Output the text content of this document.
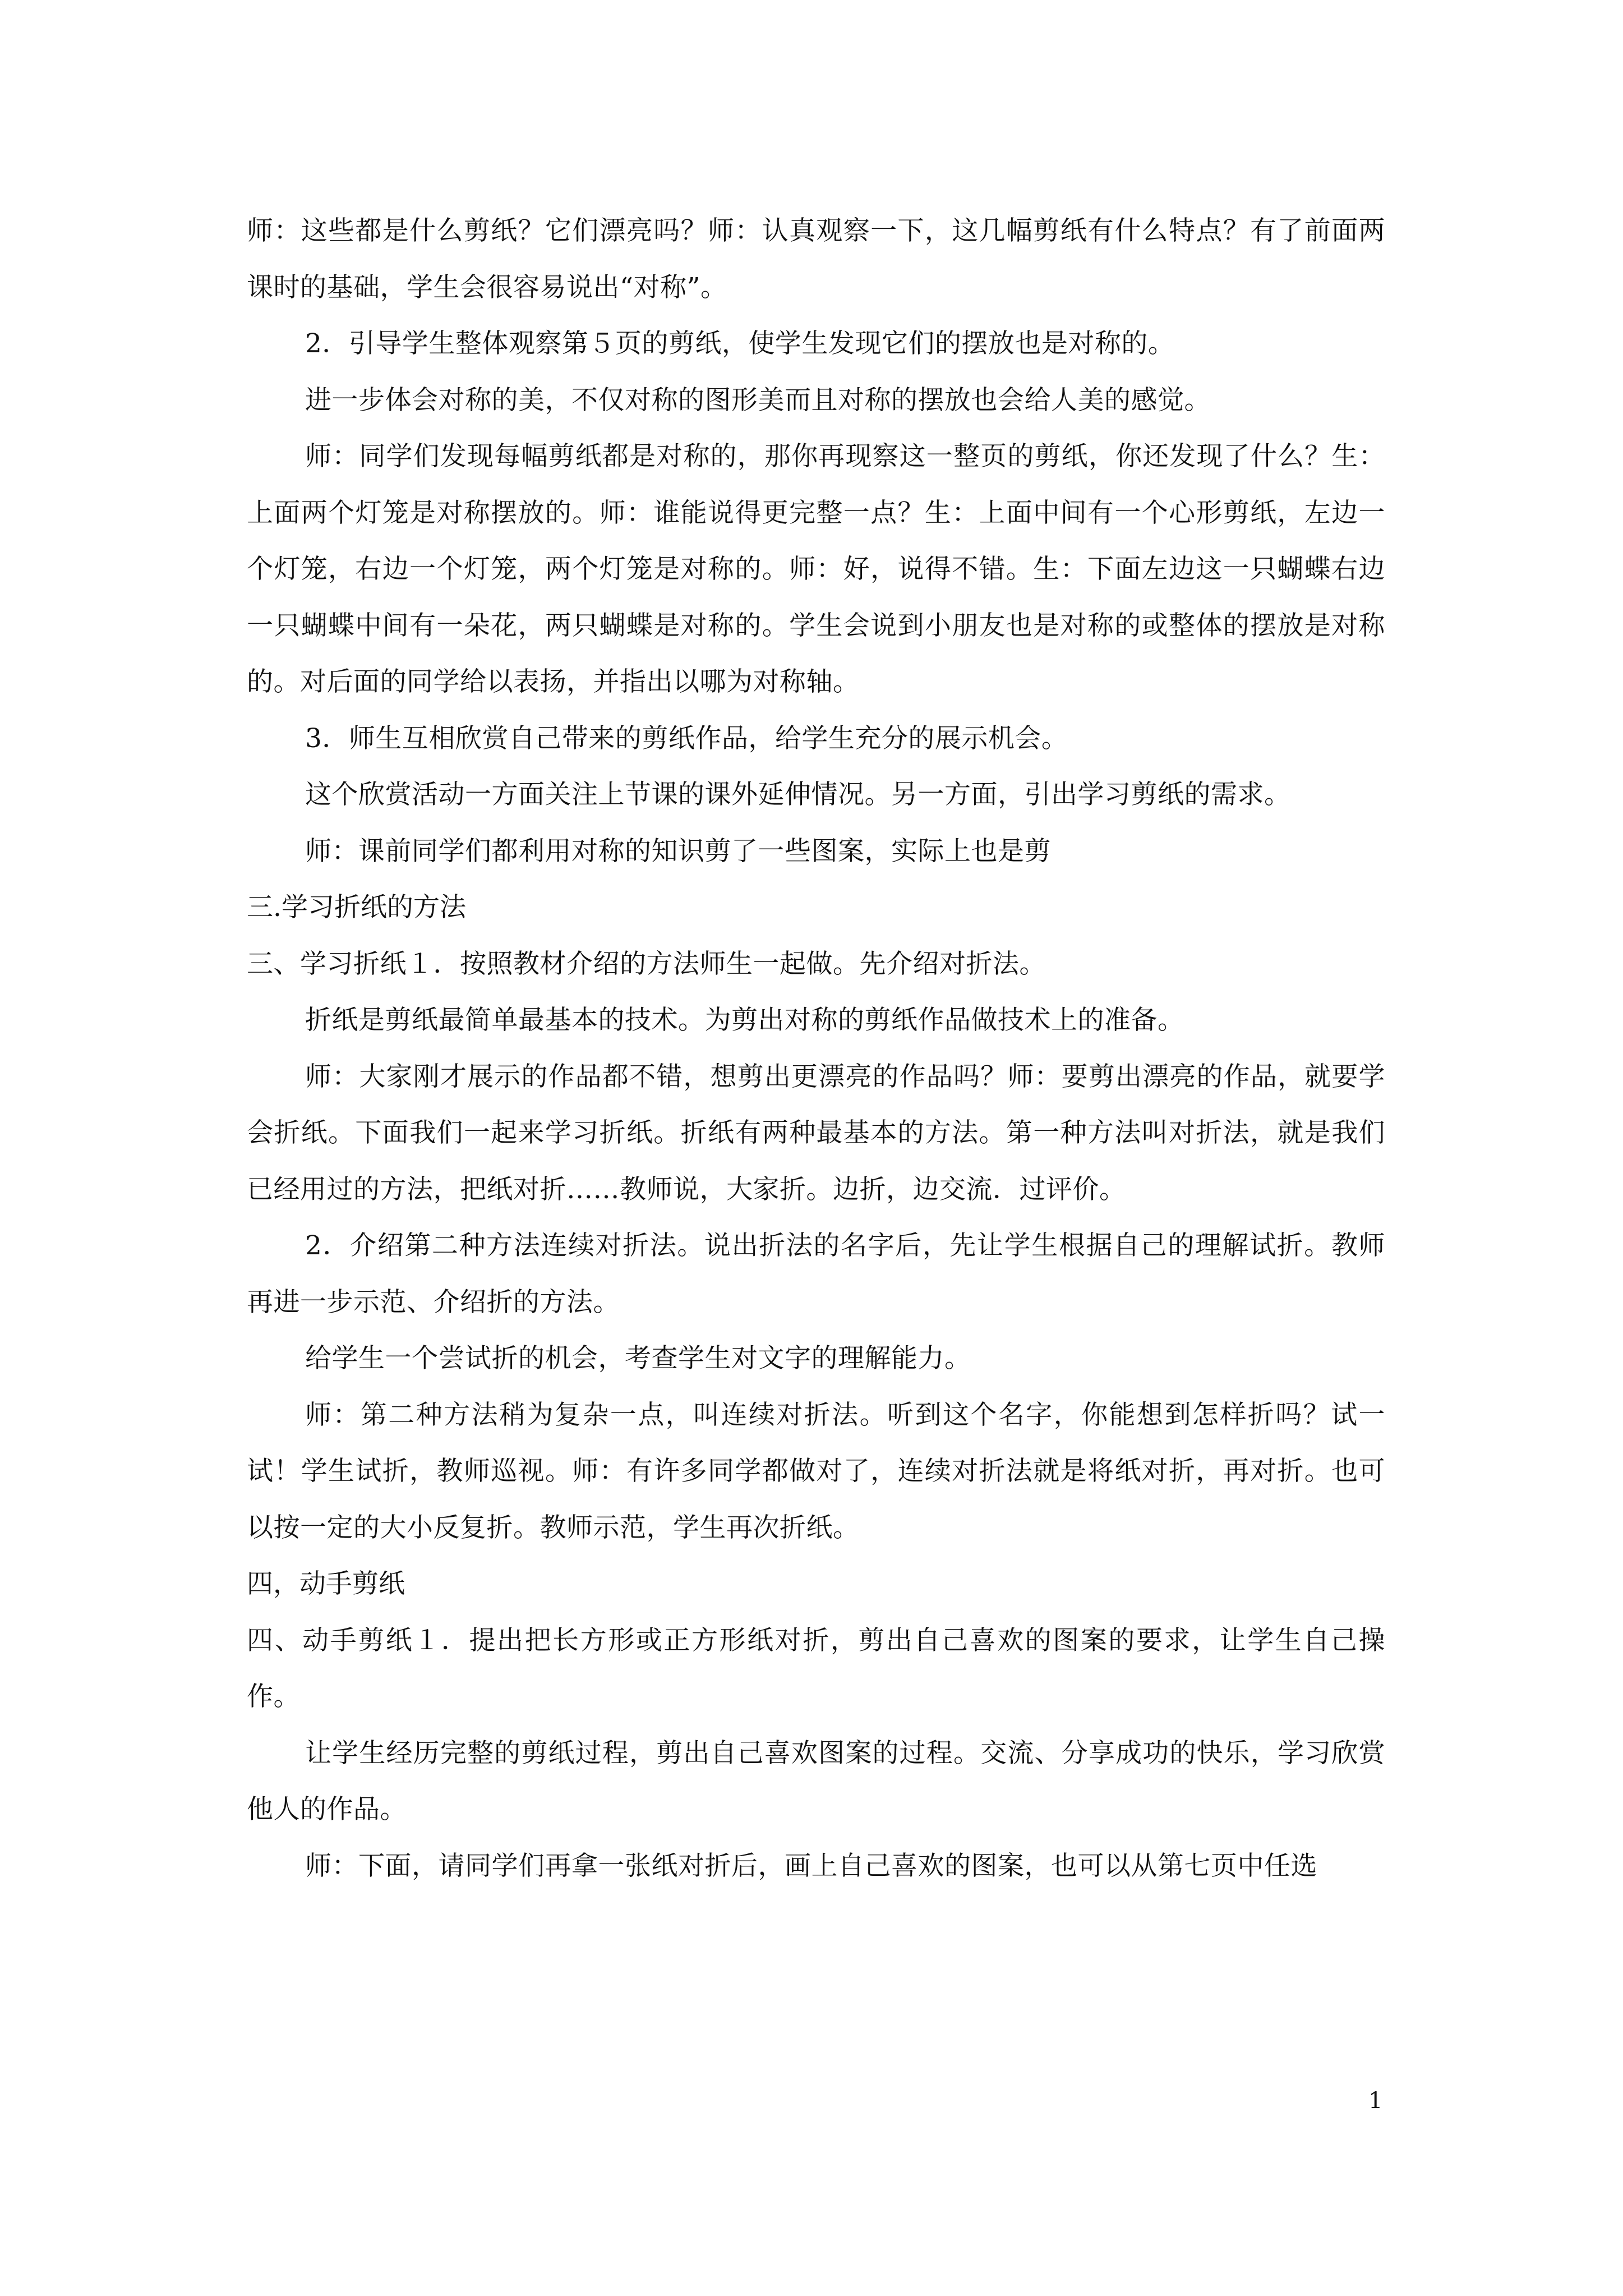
师：这些都是什么剪纸？它们漂亮吗？师：认真观察一下，这几幅剪纸有什么特点？有了前面两课时的基础，学生会很容易说出“对称”。

2．引导学生整体观察第５页的剪纸，使学生发现它们的摆放也是对称的。

进一步体会对称的美，不仅对称的图形美而且对称的摆放也会给人美的感觉。

师：同学们发现每幅剪纸都是对称的，那你再现察这一整页的剪纸，你还发现了什么？生：上面两个灯笼是对称摆放的。师：谁能说得更完整一点？生：上面中间有一个心形剪纸，左边一个灯笼，右边一个灯笼，两个灯笼是对称的。师：好，说得不错。生：下面左边这一只蝴蝶右边一只蝴蝶中间有一朵花，两只蝴蝶是对称的。学生会说到小朋友也是对称的或整体的摆放是对称的。对后面的同学给以表扬，并指出以哪为对称轴。

3．师生互相欣赏自己带来的剪纸作品，给学生充分的展示机会。

这个欣赏活动一方面关注上节课的课外延伸情况。另一方面，引出学习剪纸的需求。

师：课前同学们都利用对称的知识剪了一些图案，实际上也是剪

三.学习折纸的方法

三、学习折纸１．按照教材介绍的方法师生一起做。先介绍对折法。

折纸是剪纸最简单最基本的技术。为剪出对称的剪纸作品做技术上的准备。

师：大家刚才展示的作品都不错，想剪出更漂亮的作品吗？师：要剪出漂亮的作品，就要学会折纸。下面我们一起来学习折纸。折纸有两种最基本的方法。第一种方法叫对折法，就是我们已经用过的方法，把纸对折……教师说，大家折。边折，边交流．过评价。

2．介绍第二种方法连续对折法。说出折法的名字后，先让学生根据自己的理解试折。教师再进一步示范、介绍折的方法。

给学生一个尝试折的机会，考查学生对文字的理解能力。

师：第二种方法稍为复杂一点，叫连续对折法。听到这个名字，你能想到怎样折吗？试一试！学生试折，教师巡视。师：有许多同学都做对了，连续对折法就是将纸对折，再对折。也可以按一定的大小反复折。教师示范，学生再次折纸。

四，动手剪纸

四、动手剪纸１．提出把长方形或正方形纸对折，剪出自己喜欢的图案的要求，让学生自己操作。

让学生经历完整的剪纸过程，剪出自己喜欢图案的过程。交流、分享成功的快乐，学习欣赏他人的作品。

师：下面，请同学们再拿一张纸对折后，画上自己喜欢的图案，也可以从第七页中任选

1
